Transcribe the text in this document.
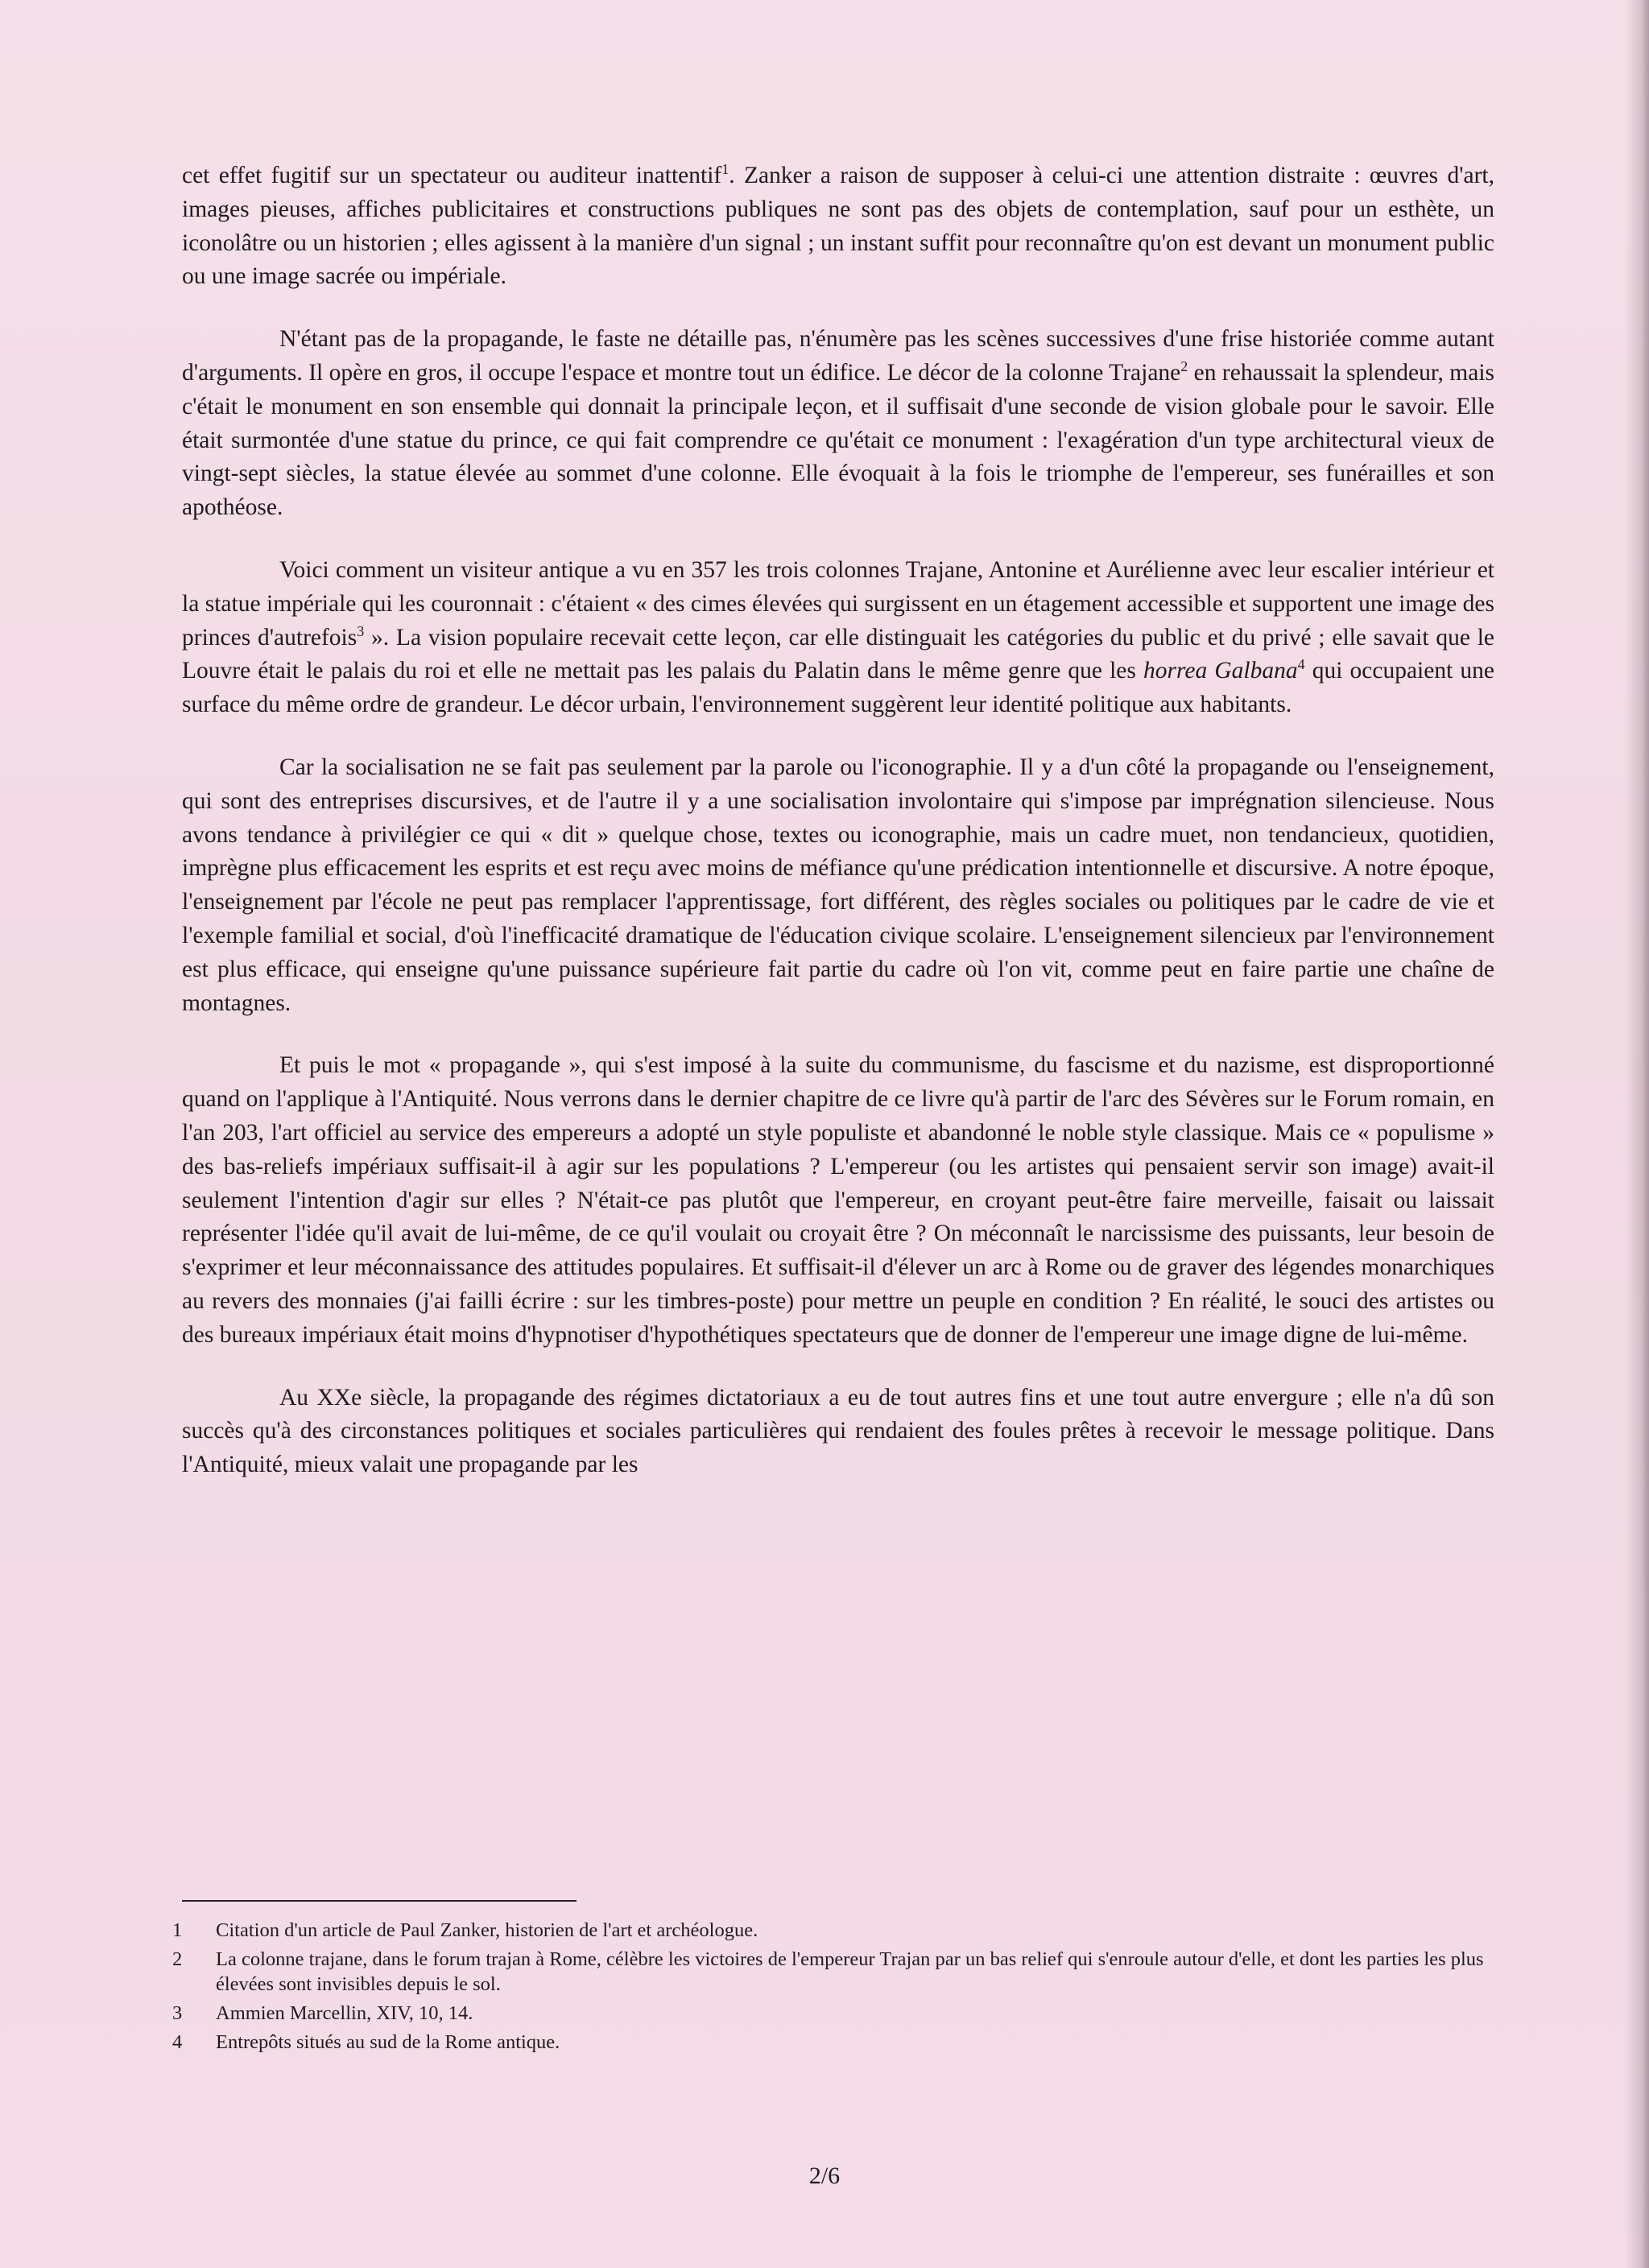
cet effet fugitif sur un spectateur ou auditeur inattentif$^1$. Zanker a raison de supposer à celui-ci une attention distraite : œuvres d'art, images pieuses, affiches publicitaires et constructions publiques ne sont pas des objets de contemplation, sauf pour un esthète, un iconolâtre ou un historien ; elles agissent à la manière d'un signal ; un instant suffit pour reconnaître qu'on est devant un monument public ou une image sacrée ou impériale.

N'étant pas de la propagande, le faste ne détaille pas, n'énumère pas les scènes successives d'une frise historiée comme autant d'arguments. Il opère en gros, il occupe l'espace et montre tout un édifice. Le décor de la colonne Trajane$^2$ en rehaussait la splendeur, mais c'était le monument en son ensemble qui donnait la principale leçon, et il suffisait d'une seconde de vision globale pour le savoir. Elle était surmontée d'une statue du prince, ce qui fait comprendre ce qu'était ce monument : l'exagération d'un type architectural vieux de vingt-sept siècles, la statue élevée au sommet d'une colonne. Elle évoquait à la fois le triomphe de l'empereur, ses funérailles et son apothéose.

Voici comment un visiteur antique a vu en 357 les trois colonnes Trajane, Antonine et Aurélienne avec leur escalier intérieur et la statue impériale qui les couronnait : c'étaient « des cimes élevées qui surgissent en un étagement accessible et supportent une image des princes d'autrefois$^3$ ». La vision populaire recevait cette leçon, car elle distinguait les catégories du public et du privé ; elle savait que le Louvre était le palais du roi et elle ne mettait pas les palais du Palatin dans le même genre que les horrea Galbana$^4$ qui occupaient une surface du même ordre de grandeur. Le décor urbain, l'environnement suggèrent leur identité politique aux habitants.

Car la socialisation ne se fait pas seulement par la parole ou l'iconographie. Il y a d'un côté la propagande ou l'enseignement, qui sont des entreprises discursives, et de l'autre il y a une socialisation involontaire qui s'impose par imprégnation silencieuse. Nous avons tendance à privilégier ce qui « dit » quelque chose, textes ou iconographie, mais un cadre muet, non tendancieux, quotidien, imprègne plus efficacement les esprits et est reçu avec moins de méfiance qu'une prédication intentionnelle et discursive. A notre époque, l'enseignement par l'école ne peut pas remplacer l'apprentissage, fort différent, des règles sociales ou politiques par le cadre de vie et l'exemple familial et social, d'où l'inefficacité dramatique de l'éducation civique scolaire. L'enseignement silencieux par l'environnement est plus efficace, qui enseigne qu'une puissance supérieure fait partie du cadre où l'on vit, comme peut en faire partie une chaîne de montagnes.

Et puis le mot « propagande », qui s'est imposé à la suite du communisme, du fascisme et du nazisme, est disproportionné quand on l'applique à l'Antiquité. Nous verrons dans le dernier chapitre de ce livre qu'à partir de l'arc des Sévères sur le Forum romain, en l'an 203, l'art officiel au service des empereurs a adopté un style populiste et abandonné le noble style classique. Mais ce « populisme » des bas-reliefs impériaux suffisait-il à agir sur les populations ? L'empereur (ou les artistes qui pensaient servir son image) avait-il seulement l'intention d'agir sur elles ? N'était-ce pas plutôt que l'empereur, en croyant peut-être faire merveille, faisait ou laissait représenter l'idée qu'il avait de lui-même, de ce qu'il voulait ou croyait être ? On méconnaît le narcissisme des puissants, leur besoin de s'exprimer et leur méconnaissance des attitudes populaires. Et suffisait-il d'élever un arc à Rome ou de graver des légendes monarchiques au revers des monnaies (j'ai failli écrire : sur les timbres-poste) pour mettre un peuple en condition ? En réalité, le souci des artistes ou des bureaux impériaux était moins d'hypnotiser d'hypothétiques spectateurs que de donner de l'empereur une image digne de lui-même.

Au XXe siècle, la propagande des régimes dictatoriaux a eu de tout autres fins et une tout autre envergure ; elle n'a dû son succès qu'à des circonstances politiques et sociales particulières qui rendaient des foules prêtes à recevoir le message politique. Dans l'Antiquité, mieux valait une propagande par les

1	Citation d'un article de Paul Zanker, historien de l'art et archéologue.
2	La colonne trajane, dans le forum trajan à Rome, célèbre les victoires de l'empereur Trajan par un bas relief qui s'enroule autour d'elle, et dont les parties les plus élevées sont invisibles depuis le sol.
3	Ammien Marcellin, XIV, 10, 14.
4	Entrepôts situés au sud de la Rome antique.
2/6
